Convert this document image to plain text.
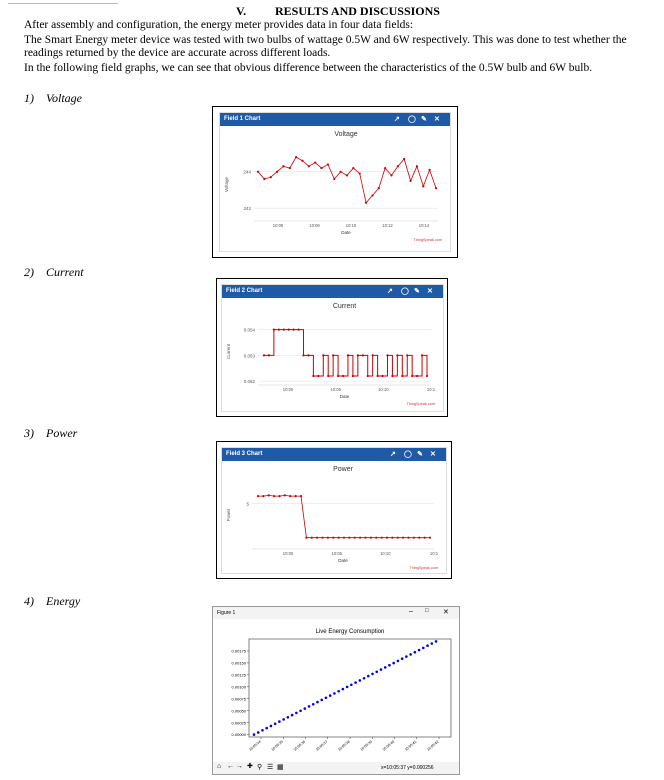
V. RESULTS AND DISCUSSIONS
After assembly and configuration, the energy meter provides data in four data fields:
The Smart Energy meter device was tested with two bulbs of wattage 0.5W and 6W respectively. This was done to test whether the readings returned by the device are accurate across different loads.
In the following field graphs, we can see that obvious difference between the characteristics of the 0.5W bulb and 6W bulb.
1) Voltage
2) Current
3) Power
4) Energy
Field 1 Chart	↗ ◯ ✎ ✕
Voltage
242
244
Voltage
10:06	10:08	10:10	10:12	10:14
Date
ThingSpeak.com
Field 2 Chart	↗ ◯ ✎ ✕
Current
0.052
0.053
0.054
Current
10:00	10:05	10:10	10:1
Date
ThingSpeak.com
Field 3 Chart	↗ ◯ ✎ ✕
Power
5
Power
10:00	10:05	10:10	10:1
Date
ThingSpeak.com
Figure 1	– □ ✕
Live Energy Consumption
0.00000
0.00025
0.00050
0.00075
0.00100
0.00125
0.00150
0.00175
10:05:34 10:05:35 10:05:36 10:05:37 10:05:38 10:05:39 10:05:40 10:05:41 10:05:42
⌂ ← → ✚ ⚲ ☰ ▦	x=10:05:37 y=0.000256
